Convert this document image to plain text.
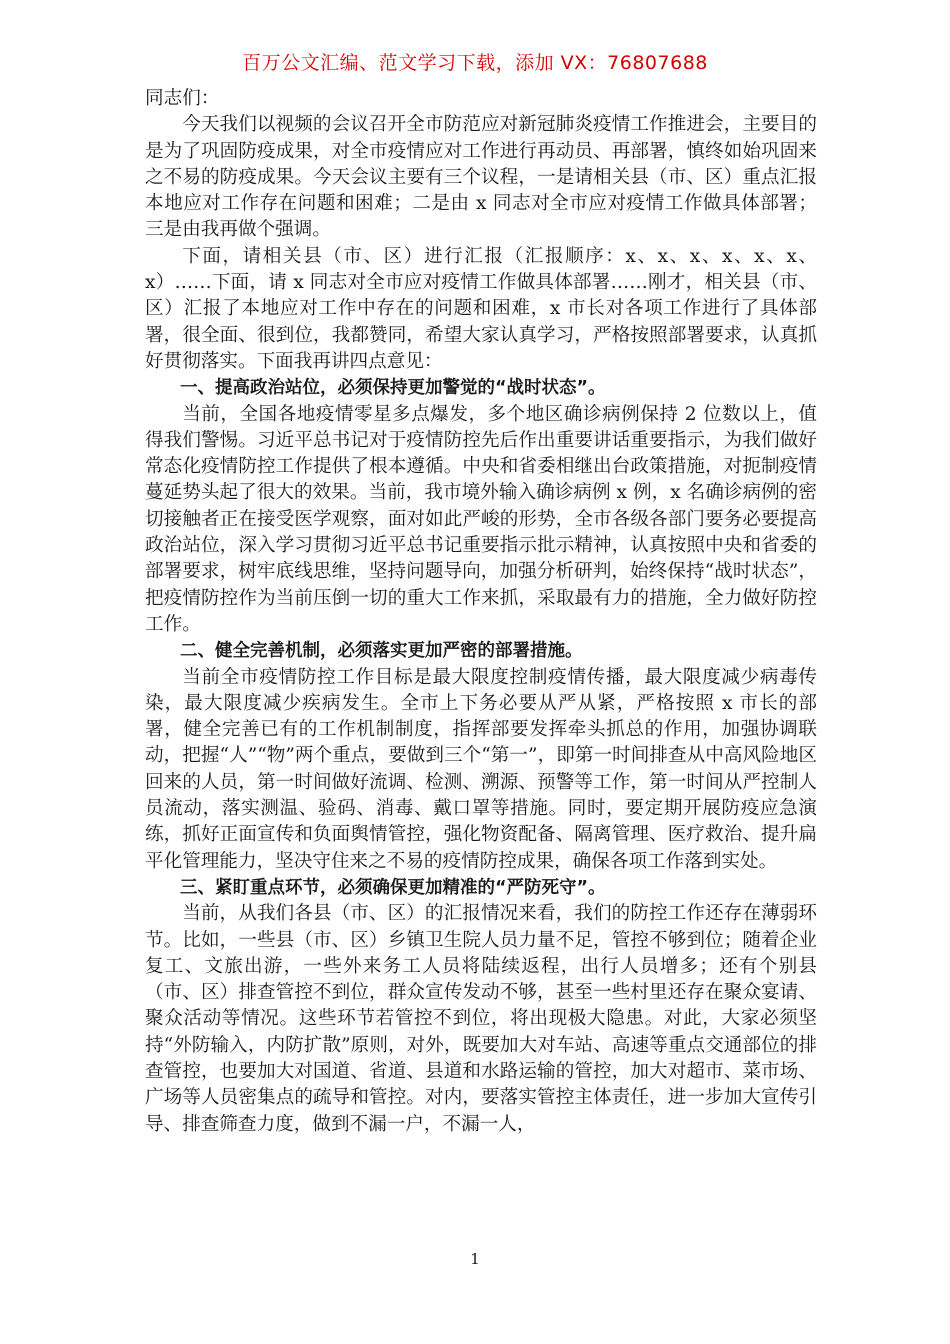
百万公文汇编、范文学习下载，添加 VX：76807688

同志们：

今天我们以视频的会议召开全市防范应对新冠肺炎疫情工作推进会，主要目的是为了巩固防疫成果，对全市疫情应对工作进行再动员、再部署，慎终如始巩固来之不易的防疫成果。今天会议主要有三个议程，一是请相关县（市、区）重点汇报本地应对工作存在问题和困难；二是由 x 同志对全市应对疫情工作做具体部署；三是由我再做个强调。

下面，请相关县（市、区）进行汇报（汇报顺序：x、x、x、x、x、x、x）……下面，请 x 同志对全市应对疫情工作做具体部署……刚才，相关县（市、区）汇报了本地应对工作中存在的问题和困难，x 市长对各项工作进行了具体部署，很全面、很到位，我都赞同，希望大家认真学习，严格按照部署要求，认真抓好贯彻落实。下面我再讲四点意见：

一、提高政治站位，必须保持更加警觉的“战时状态”。

当前，全国各地疫情零星多点爆发，多个地区确诊病例保持 2 位数以上，值得我们警惕。习近平总书记对于疫情防控先后作出重要讲话重要指示，为我们做好常态化疫情防控工作提供了根本遵循。中央和省委相继出台政策措施，对扼制疫情蔓延势头起了很大的效果。当前，我市境外输入确诊病例 x 例，x 名确诊病例的密切接触者正在接受医学观察，面对如此严峻的形势，全市各级各部门要务必要提高政治站位，深入学习贯彻习近平总书记重要指示批示精神，认真按照中央和省委的部署要求，树牢底线思维，坚持问题导向，加强分析研判，始终保持“战时状态”，把疫情防控作为当前压倒一切的重大工作来抓，采取最有力的措施，全力做好防控工作。

二、健全完善机制，必须落实更加严密的部署措施。

当前全市疫情防控工作目标是最大限度控制疫情传播，最大限度减少病毒传染，最大限度减少疾病发生。全市上下务必要从严从紧，严格按照 x 市长的部署，健全完善已有的工作机制制度，指挥部要发挥牵头抓总的作用，加强协调联动，把握“人”“物”两个重点，要做到三个“第一”，即第一时间排查从中高风险地区回来的人员，第一时间做好流调、检测、溯源、预警等工作，第一时间从严控制人员流动，落实测温、验码、消毒、戴口罩等措施。同时，要定期开展防疫应急演练，抓好正面宣传和负面舆情管控，强化物资配备、隔离管理、医疗救治、提升扁平化管理能力，坚决守住来之不易的疫情防控成果，确保各项工作落到实处。

三、紧盯重点环节，必须确保更加精准的“严防死守”。

当前，从我们各县（市、区）的汇报情况来看，我们的防控工作还存在薄弱环节。比如，一些县（市、区）乡镇卫生院人员力量不足，管控不够到位；随着企业复工、文旅出游，一些外来务工人员将陆续返程，出行人员增多；还有个别县（市、区）排查管控不到位，群众宣传发动不够，甚至一些村里还存在聚众宴请、聚众活动等情况。这些环节若管控不到位，将出现极大隐患。对此，大家必须坚持“外防输入，内防扩散”原则，对外，既要加大对车站、高速等重点交通部位的排查管控，也要加大对国道、省道、县道和水路运输的管控，加大对超市、菜市场、广场等人员密集点的疏导和管控。对内，要落实管控主体责任，进一步加大宣传引导、排查筛查力度，做到不漏一户，不漏一人，

1
